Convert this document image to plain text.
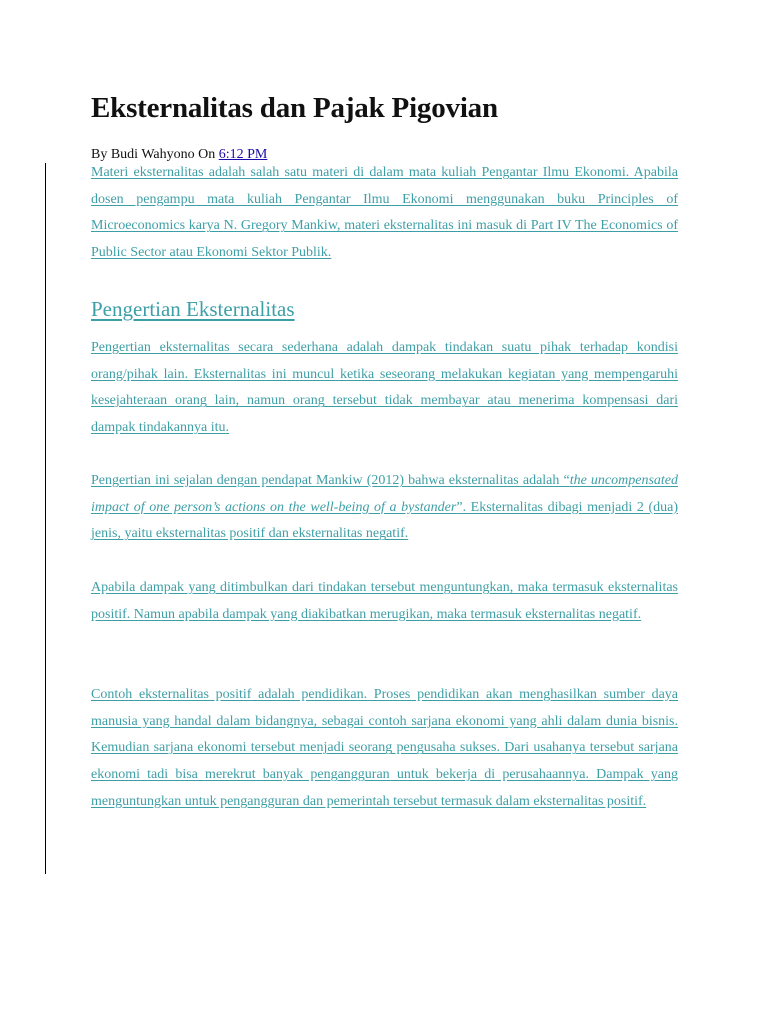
Eksternalitas dan Pajak Pigovian

By Budi Wahyono On 6:12 PM

Materi eksternalitas adalah salah satu materi di dalam mata kuliah Pengantar Ilmu Ekonomi. Apabila dosen pengampu mata kuliah Pengantar Ilmu Ekonomi menggunakan buku Principles of Microeconomics karya N. Gregory Mankiw, materi eksternalitas ini masuk di Part IV The Economics of Public Sector atau Ekonomi Sektor Publik.

Pengertian Eksternalitas

Pengertian eksternalitas secara sederhana adalah dampak tindakan suatu pihak terhadap kondisi orang/pihak lain. Eksternalitas ini muncul ketika seseorang melakukan kegiatan yang mempengaruhi kesejahteraan orang lain, namun orang tersebut tidak membayar atau menerima kompensasi dari dampak tindakannya itu.

Pengertian ini sejalan dengan pendapat Mankiw (2012) bahwa eksternalitas adalah “the uncompensated impact of one person’s actions on the well-being of a bystander”. Eksternalitas dibagi menjadi 2 (dua) jenis, yaitu eksternalitas positif dan eksternalitas negatif.

Apabila dampak yang ditimbulkan dari tindakan tersebut menguntungkan, maka termasuk eksternalitas positif. Namun apabila dampak yang diakibatkan merugikan, maka termasuk eksternalitas negatif.

Contoh eksternalitas positif adalah pendidikan. Proses pendidikan akan menghasilkan sumber daya manusia yang handal dalam bidangnya, sebagai contoh sarjana ekonomi yang ahli dalam dunia bisnis. Kemudian sarjana ekonomi tersebut menjadi seorang pengusaha sukses. Dari usahanya tersebut sarjana ekonomi tadi bisa merekrut banyak pengangguran untuk bekerja di perusahaannya. Dampak yang menguntungkan untuk pengangguran dan pemerintah tersebut termasuk dalam eksternalitas positif.
